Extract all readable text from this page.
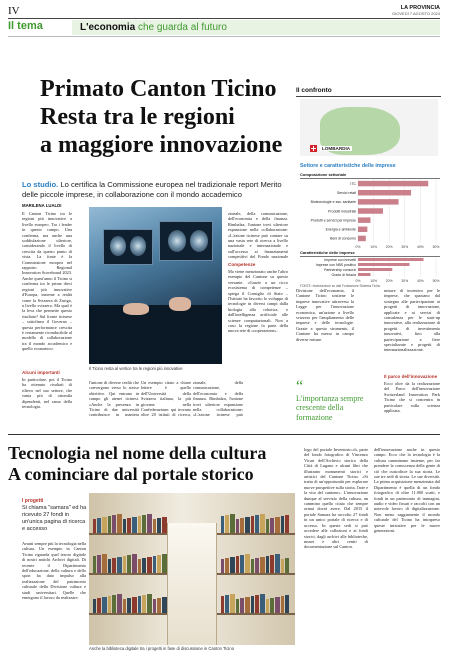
IV	LA PROVINCIA
GIOVEDÌ 7 AGOSTO 2024
Il tema	L'economia che guarda al futuro
Primato Canton Ticino
Resta tra le regioni
a maggiore innovazione
Lo studio. Lo certifica la Commissione europea nel tradizionale report Merito delle piccole imprese, in collaborazione con il mondo accademico
MARILENA LUALDI
Il Canton Ticino tra le regioni più innovative a livello europeo. Tra i leader in questo campo. Una conferma, ma anche una soddisfazione ulteriore, considerando il livello di crescita da questo punto di vista. La fonte è la Commissione europea nel rapporto Regional Innovation Scoreboard 2023. Anche quest'anno il Ticino si conferma tra le prime dieci regioni più innovative d'Europa, insieme a realtà come la Svizzera di Zurigo, a livello svizzero. Ma qual è la leva che permette questo risultato? Sul fronte ticinese – sottolinea il Governo – questa performance crescita è certamente riconducibile al modello di collaborazione tra il mondo accademico e quello economico.
Alcuni importanti
In particolare, poi il Ticino ha ottenuto risultati di rilievo nel suo settore, che vanta più di ottomila dipendenti, nel ramo della tecnologia.
l'unione di diverse realtà che convergono verso lo stesso obiettivo. Qui entrano in campo gli atenei ticinesi. «Anche la presenza in Ticino di due università contribuisce in maniera
Un esempio citato a chiare lettere è quello dell'Università della Svizzera italiana, la più giovane nella Confederazione: qui trovano oltre 20 istituti di ricerca,
zionale, della comunicazione, dell'economia e della finanza. Rimbalza, l'unione trovi ulteriore espansione nella collaborazione: «L'azione ticinese può
zionale, della comunicazione, dell'economia e della finanza. Rimbalza, l'unione trovi ulteriore espansione nella collaborazione: «L'azione ticinese può contare su una vasta rete di ricerca a livello nazionale e internazionale e sull'accesso ai finanziamenti competitivi del Fondo nazionale
Competenze
Ma viene menzionato anche l'altro esempio del Cantone su questo versante. «Grazie a un ricco ecosistema di competenze – spiega il Consiglio di Stato – l'Istituto ha favorito lo sviluppo di tecnologie in diversi campi dalla biologia alla robotica, e dall'intelligenza artificiale alle scienze computazionali. Non a caso la regione fa parte della nuova rete di cooperazione».
Divisione dell'economia, il Cantone Ticino sostiene le imprese innovative attraverso la Legge per l'innovazione economica, un'azione a livello svizzero per l'ampliamento delle imprese e delle tecnologie. Grazie a questo strumento, il Cantone ha messo in campo diverse misure.
misure di incentivo per le imprese, che spaziano dal sostegno alle partecipazioni ai progetti di innovazione, applicate e ai servizi di consulenza per le start-up innovative, alla realizzazione di progetti di investimento innovativi, fino alla partecipazione a fiere specializzate e progetti di internazionalizzazione.
Il parco dell'innovazione
Ecco oltre da la realizzazione del Parco dell'innovazione Switzerland Innovation Park Ticino che si concentra in particolare sulla scienza applicata.
Il Ticino resta al vertice tra le regioni più innovative
Il confronto
LOMBARDIA
Settore e caratteristiche delle imprese
Composizione settoriale
0%	10%	20%	30%	40%	50%
ITC
Servizi retail
Biotecnologie e sss. sanitarie
Prodotti industriali
Prodotti e servizi per imprese
Energia e ambiente
Beni di consumo
Caratteristiche delle imprese
0%	10%	20%	30%	40%	50%
Imprese con brevetti
Imprese con NBS positivo
Partnership consorzi
Grado di fiducia
FONTE: elaborazione su dati Fondazione Sistema Ticino
“
L'importanza sempre crescente della formazione
Tecnologia nel nome della cultura
A cominciare dal portale storico
I progetti
Si chiama "samara" ed ha ricevuto 27 fondi in un'unica pagina di ricerca e accesso
Avanti sempre più la tecnologia nella cultura. Un esempio in Canton Ticino riguarda quel tesoro digitale di nostri antichi Archivi digitali. Di recente il Dipartimento dell'educazione, della cultura e dello sport ha dato impulso alla realizzazione del patrimonio culturale della Divisione cultura e studi universitari. Quelle che emergono il lavoro da realizzare.
Anche la biblioteca digitale tra i progetti in fase di discussione in Canton Ticino
logo del portale Inventorio.ch, parte del fondo fotografico di Vincenzo Vicari dell'Archivio storico della Città di Lugano e alcuni libri che illustrano monumenti storici e artistici del Cantone Ticino. «Si tratta di un'opportunità per esplorare nuove prospettive sulla storia, l'arte e la vita del cantone». L'innovazione dunque al servizio della cultura, un cammino quello citato che sempre ormai dovrà avere. Dal 2015 il portale Samara ha raccolto 27 fondi in un unico portale di ricerca e di accesso. In queste sedi si può accedere alle collezioni e ai fondi storici, dagli archivi alle biblioteche, musei e altri centri di documentazione sul Canton.
dell'innovazione anche in questo campo. Ecco che la tecnologia è la cultura camminano insieme, per far prendere la conoscenza della gente di ciò che custodisce la sua storia. Le sue tre sedi di storia. Le sue diversità. La prima acquisizione menzionata dal Dipartimento è quella di un fondo fotografico di oltre 11.000 scatti, e fondi in un patrimonio di immagini, audio e video fissati e raccolti con un notevole lavoro di digitalizzazione. Non meno saggiamente il mondo culturale del Ticino ha intrapreso queste iniziative per le nuove generazioni.
